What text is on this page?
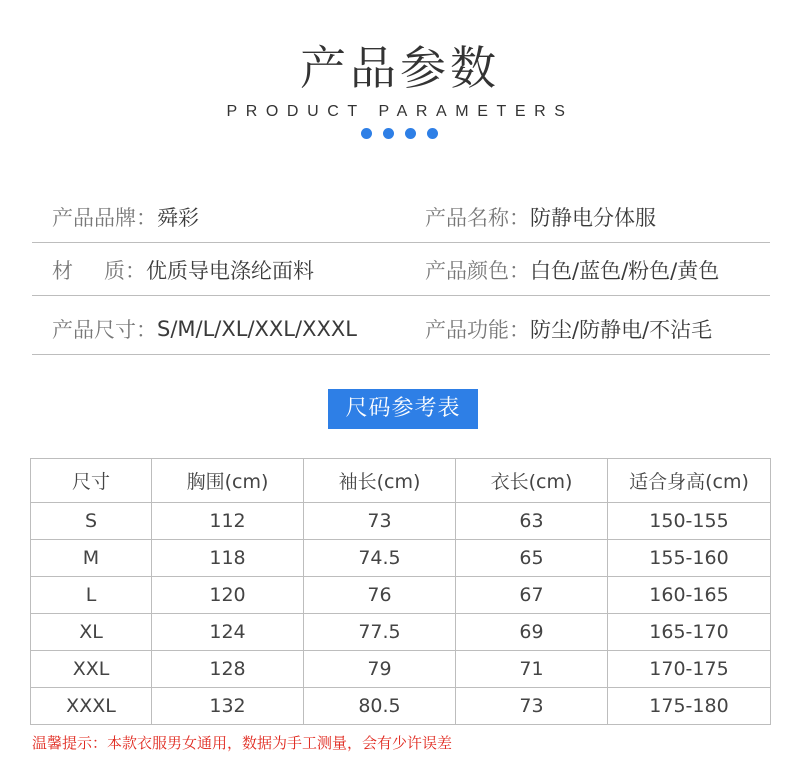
产品参数
PRODUCT PARAMETERS
产品品牌： 舜彩	产品名称： 防静电分体服
材 质： 优质导电涤纶面料	产品颜色： 白色/蓝色/粉色/黄色
产品尺寸： S/M/L/XL/XXL/XXXL	产品功能： 防尘/防静电/不沾毛
尺码参考表
尺寸	胸围(cm)	袖长(cm)	衣长(cm)	适合身高(cm)
S	112	73	63	150-155
M	118	74.5	65	155-160
L	120	76	67	160-165
XL	124	77.5	69	165-170
XXL	128	79	71	170-175
XXXL	132	80.5	73	175-180
温馨提示：本款衣服男女通用，数据为手工测量，会有少许误差
